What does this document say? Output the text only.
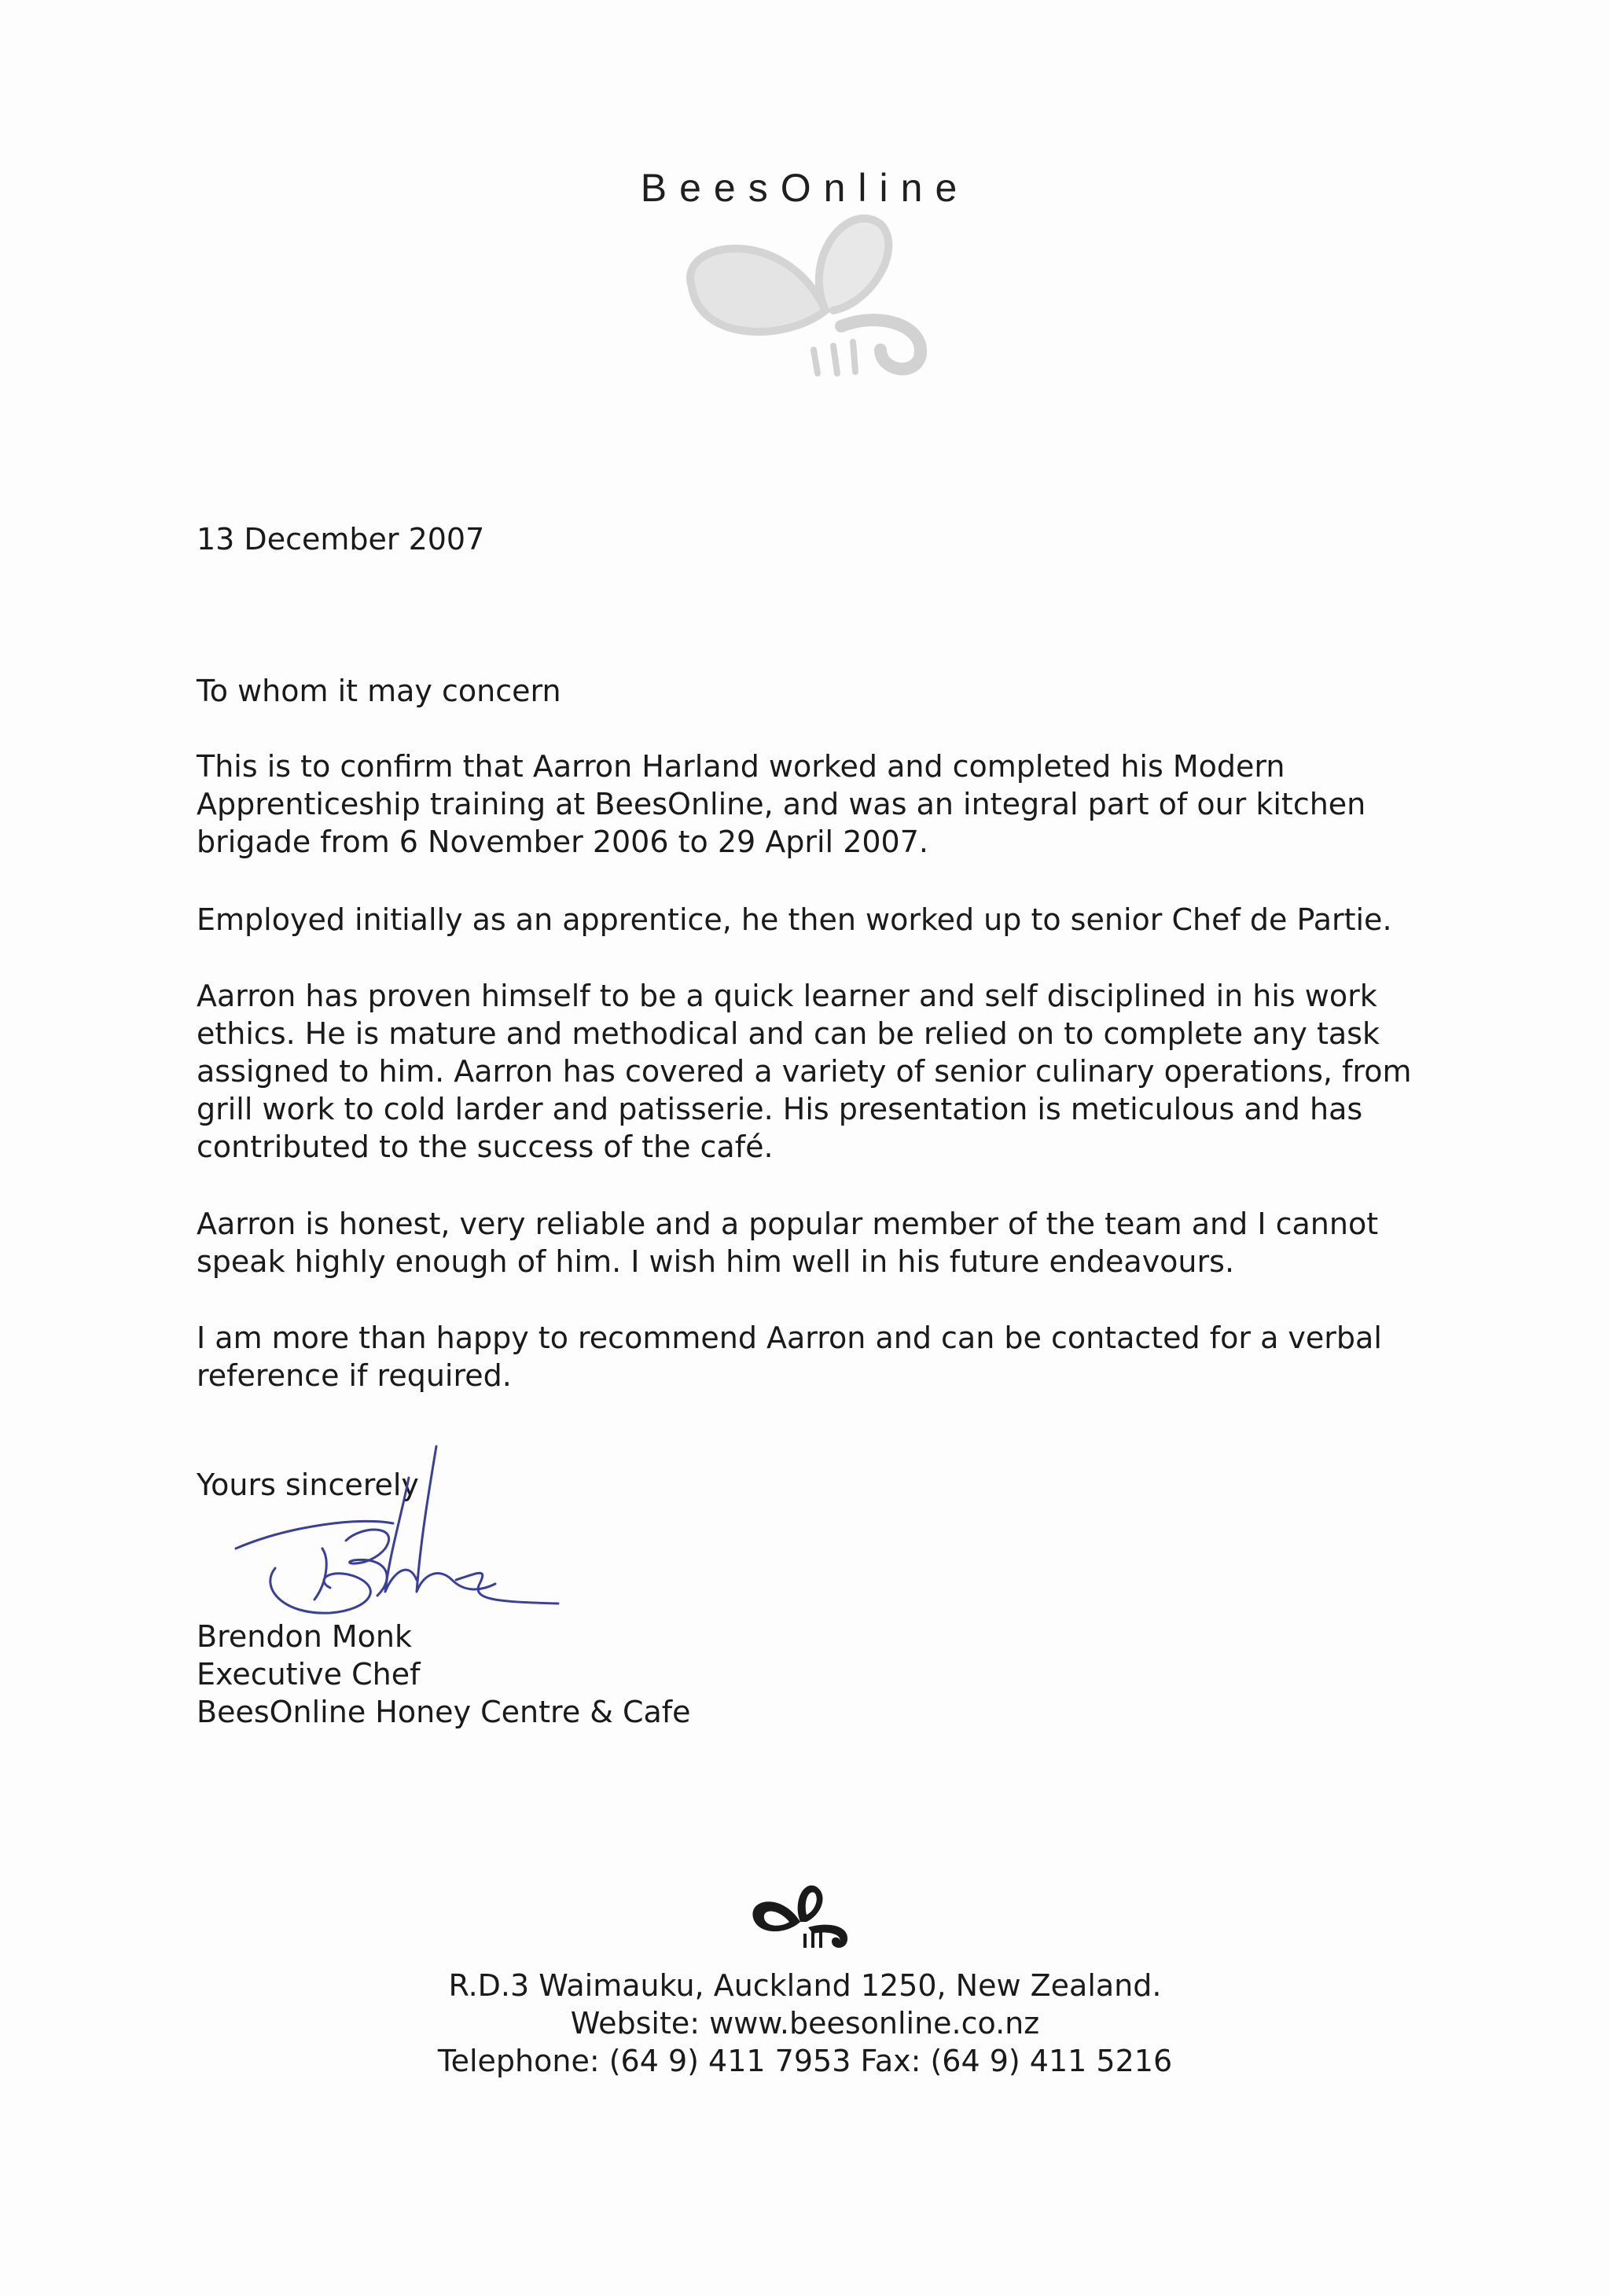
BeesOnline
13 December 2007
To whom it may concern
This is to confirm that Aarron Harland worked and completed his Modern Apprenticeship training at BeesOnline, and was an integral part of our kitchen brigade from 6 November 2006 to 29 April 2007.
Employed initially as an apprentice, he then worked up to senior Chef de Partie.
Aarron has proven himself to be a quick learner and self disciplined in his work ethics. He is mature and methodical and can be relied on to complete any task assigned to him. Aarron has covered a variety of senior culinary operations, from grill work to cold larder and patisserie. His presentation is meticulous and has contributed to the success of the café.
Aarron is honest, very reliable and a popular member of the team and I cannot speak highly enough of him. I wish him well in his future endeavours.
I am more than happy to recommend Aarron and can be contacted for a verbal reference if required.
Yours sincerely
Brendon Monk
Executive Chef
BeesOnline Honey Centre & Cafe
R.D.3 Waimauku, Auckland 1250, New Zealand.
Website: www.beesonline.co.nz
Telephone: (64 9) 411 7953 Fax: (64 9) 411 5216
